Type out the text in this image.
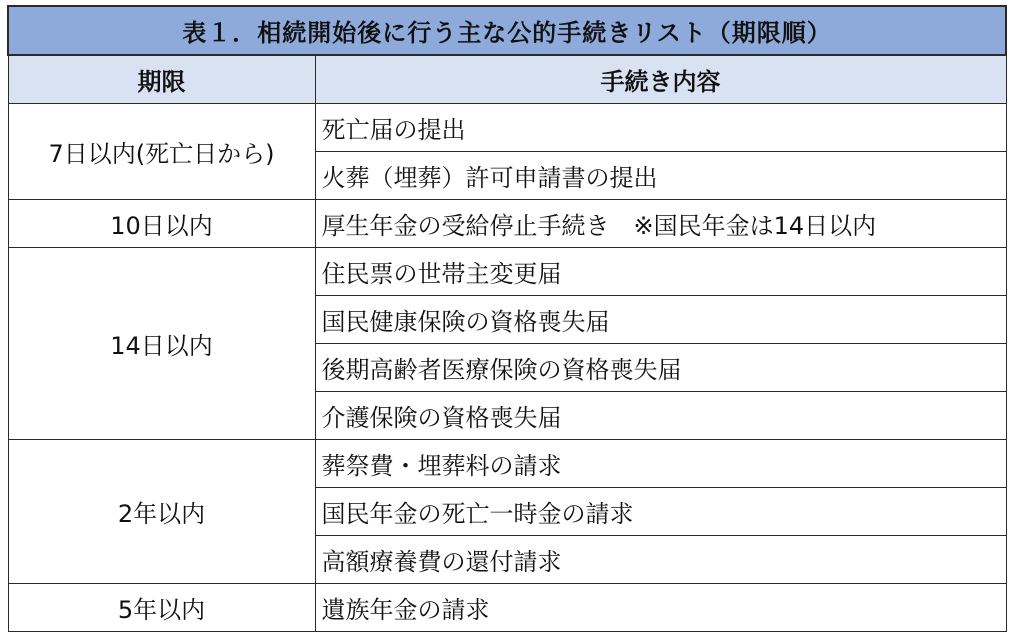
表１．相続開始後に行う主な公的手続きリスト（期限順）	
期限	手続き内容
7日以内(死亡日から)	死亡届の提出
	火葬（埋葬）許可申請書の提出
10日以内	厚生年金の受給停止手続き　※国民年金は14日以内
14日以内	住民票の世帯主変更届
	国民健康保険の資格喪失届
	後期高齢者医療保険の資格喪失届
	介護保険の資格喪失届
2年以内	葬祭費・埋葬料の請求
	国民年金の死亡一時金の請求
	高額療養費の還付請求
5年以内	遺族年金の請求
